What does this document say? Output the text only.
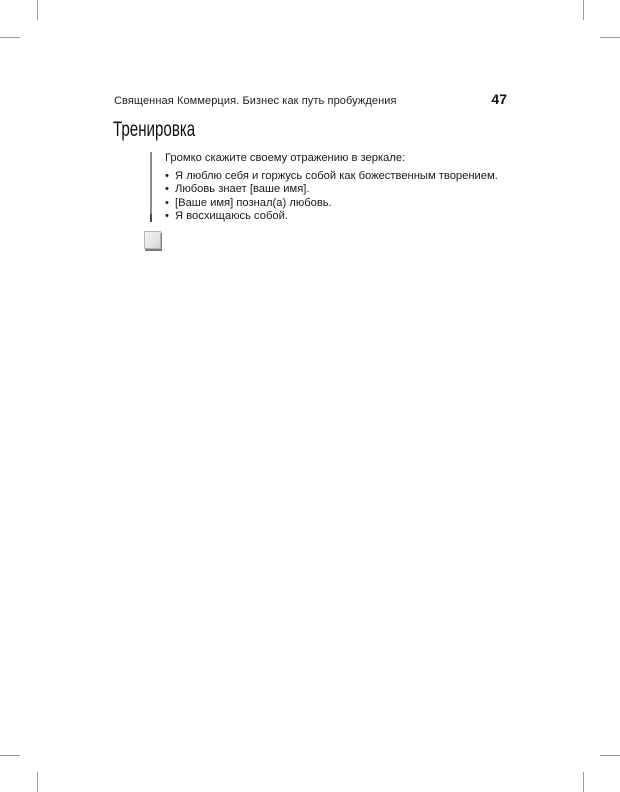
Священная Коммерция. Бизнес как путь пробуждения	47
Тренировка

Громко скажите своему отражению в зеркале:

• Я люблю себя и горжусь собой как божественным творением.
• Любовь знает [ваше имя].
• [Ваше имя] познал(а) любовь.
• Я восхищаюсь собой.
